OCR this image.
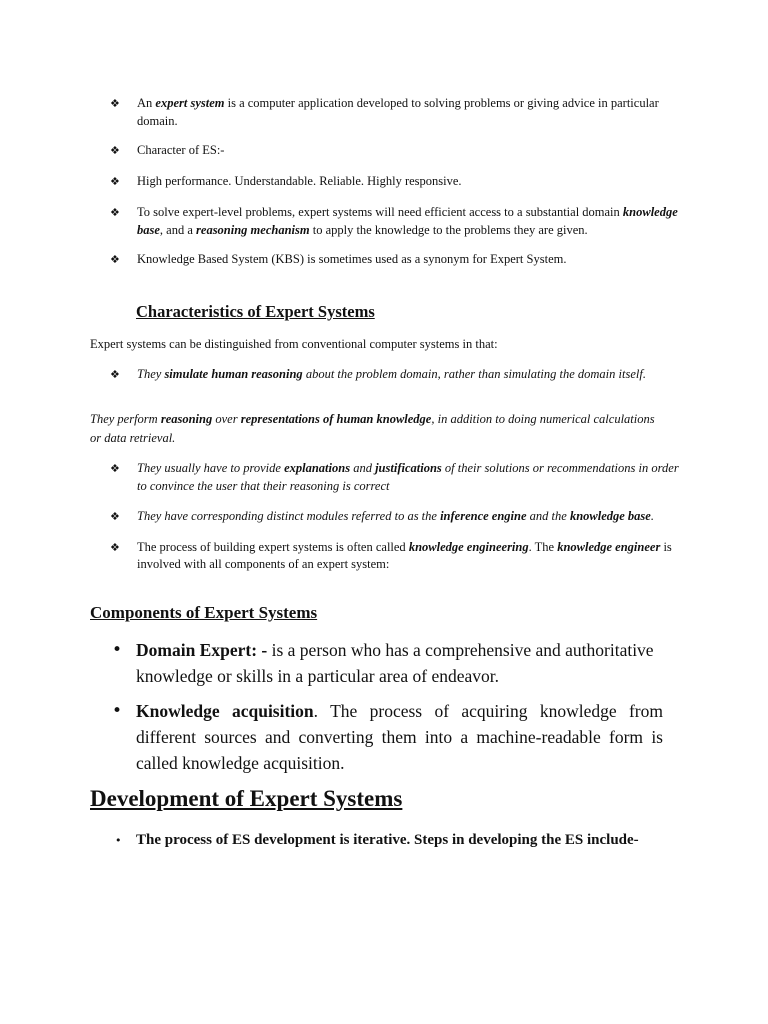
❖ An expert system is a computer application developed to solving problems or giving advice in particular domain.
❖ Character of ES:-
❖ High performance. Understandable. Reliable. Highly responsive.
❖ To solve expert-level problems, expert systems will need efficient access to a substantial domain knowledge base, and a reasoning mechanism to apply the knowledge to the problems they are given.
❖ Knowledge Based System (KBS) is sometimes used as a synonym for Expert System.
Characteristics of Expert Systems

Expert systems can be distinguished from conventional computer systems in that:

❖ They simulate human reasoning about the problem domain, rather than simulating the domain itself.

They perform reasoning over representations of human knowledge, in addition to doing numerical calculations or data retrieval.

❖ They usually have to provide explanations and justifications of their solutions or recommendations in order to convince the user that their reasoning is correct
❖ They have corresponding distinct modules referred to as the inference engine and the knowledge base.
❖ The process of building expert systems is often called knowledge engineering. The knowledge engineer is involved with all components of an expert system:
Components of Expert Systems
• Domain Expert: - is a person who has a comprehensive and authoritative knowledge or skills in a particular area of endeavor.
• Knowledge acquisition. The process of acquiring knowledge from different sources and converting them into a machine-readable form is called knowledge acquisition.
Development of Expert Systems
• The process of ES development is iterative. Steps in developing the ES include-
